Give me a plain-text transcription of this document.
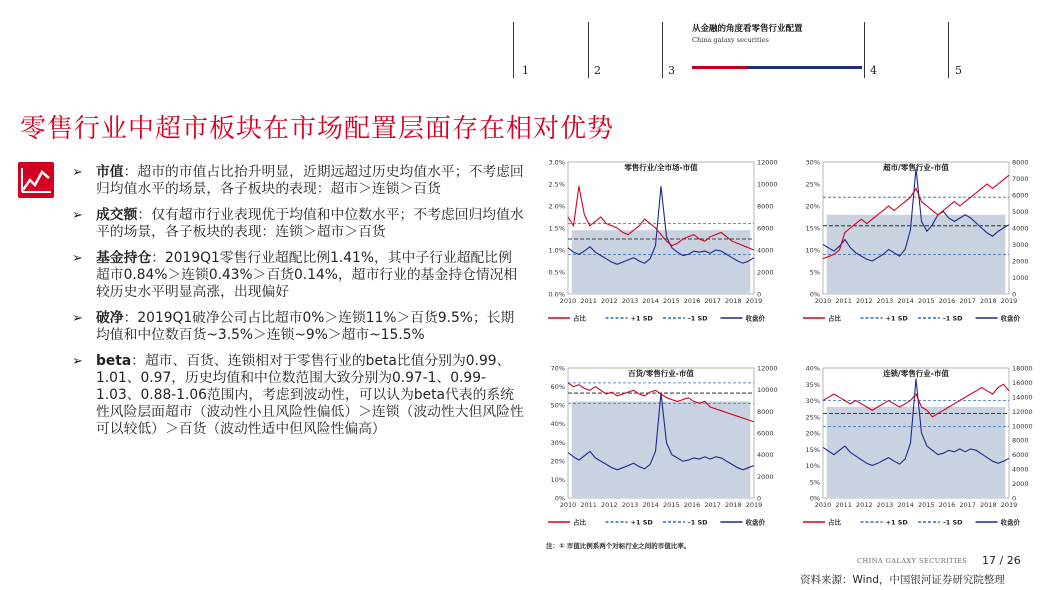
1	2	3	4	5
从金融的角度看零售行业配置
China galaxy securities
零售行业中超市板块在市场配置层面存在相对优势
➢ 市值：超市的市值占比抬升明显，近期远超过历史均值水平；不考虑回归均值水平的场景，各子板块的表现：超市＞连锁＞百货
➢ 成交额：仅有超市行业表现优于均值和中位数水平；不考虑回归均值水平的场景，各子板块的表现：连锁＞超市＞百货
➢ 基金持仓：2019Q1零售行业超配比例1.41%，其中子行业超配比例超市0.84%＞连锁0.43%＞百货0.14%，超市行业的基金持仓情况相较历史水平明显高涨，出现偏好
➢ 破净：2019Q1破净公司占比超市0%＞连锁11%＞百货9.5%；长期均值和中位数百货~3.5%＞连锁~9%＞超市~15.5%
➢ beta：超市、百货、连锁相对于零售行业的beta比值分别为0.99、1.01、0.97，历史均值和中位数范围大致分别为0.97-1、0.99-1.03、0.88-1.06范围内，考虑到波动性，可以认为beta代表的系统性风险层面超市（波动性小且风险性偏低）＞连锁（波动性大但风险性可以较低）＞百货（波动性适中但风险性偏高）
零售行业/全市场-市值
3.0%
2.5%
2.0%
1.5%
1.0%
0.5%
0.0%
12000
10000
8000
6000
4000
2000
0
2010 2011 2012 2013 2014 2015 2016 2017 2018 2019
占比	+1 SD	-1 SD	收盘价
超市/零售行业-市值
30%
25%
20%
15%
10%
5%
0%
8000
7000
6000
5000
4000
3000
2000
1000
0
2010 2011 2012 2013 2014 2015 2016 2017 2018 2019
占比	+1 SD	-1 SD	收盘价
百货/零售行业-市值
70%
60%
50%
40%
30%
20%
10%
0%
12000
10000
8000
6000
4000
2000
0
2010 2011 2012 2013 2014 2015 2016 2017 2018 2019
占比	+1 SD	-1 SD	收盘价
连锁/零售行业-市值
40%
35%
30%
25%
20%
15%
10%
5%
0%
18000
16000
14000
12000
10000
8000
6000
4000
2000
0
2010 2011 2012 2013 2014 2015 2016 2017 2018 2019
占比	+1 SD	-1 SD	收盘价
注：① 市值比例系两个对标行业之间的市值比率。
CHINA GALAXY SECURITIES 17 / 26
资料来源：Wind，中国银河证券研究院整理
